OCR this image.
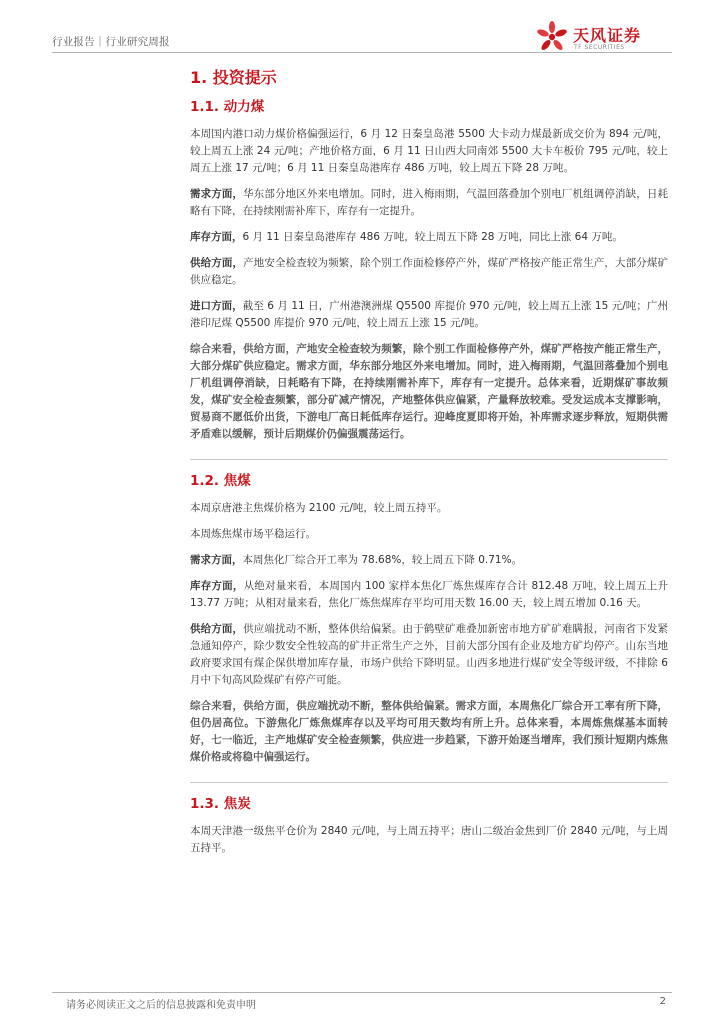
行业报告｜行业研究周报	天风证券
TF SECURITIES
1. 投资提示
1.1. 动力煤

本周国内港口动力煤价格偏强运行，6 月 12 日秦皇岛港 5500 大卡动力煤最新成交价为 894 元/吨，较上周五上涨 24 元/吨；产地价格方面，6 月 11 日山西大同南郊 5500 大卡车板价 795 元/吨，较上周五上涨 17 元/吨；6 月 11 日秦皇岛港库存 486 万吨，较上周五下降 28 万吨。

需求方面，华东部分地区外来电增加。同时，进入梅雨期，气温回落叠加个别电厂机组调停消缺，日耗略有下降，在持续刚需补库下，库存有一定提升。

库存方面，6 月 11 日秦皇岛港库存 486 万吨，较上周五下降 28 万吨，同比上涨 64 万吨。

供给方面，产地安全检查较为频繁，除个别工作面检修停产外，煤矿严格按产能正常生产，大部分煤矿供应稳定。

进口方面，截至 6 月 11 日，广州港澳洲煤 Q5500 库提价 970 元/吨，较上周五上涨 15 元/吨；广州港印尼煤 Q5500 库提价 970 元/吨，较上周五上涨 15 元/吨。

综合来看，供给方面，产地安全检查较为频繁，除个别工作面检修停产外，煤矿严格按产能正常生产，大部分煤矿供应稳定。需求方面，华东部分地区外来电增加。同时，进入梅雨期，气温回落叠加个别电厂机组调停消缺，日耗略有下降，在持续刚需补库下，库存有一定提升。总体来看，近期煤矿事故频发，煤矿安全检查频繁，部分矿减产情况，产地整体供应偏紧，产量释放较难。受发运成本支撑影响，贸易商不愿低价出货，下游电厂高日耗低库存运行。迎峰度夏即将开始，补库需求逐步释放，短期供需矛盾难以缓解，预计后期煤价仍偏强震荡运行。

1.2. 焦煤

本周京唐港主焦煤价格为 2100 元/吨，较上周五持平。

本周炼焦煤市场平稳运行。

需求方面，本周焦化厂综合开工率为 78.68%，较上周五下降 0.71%。

库存方面，从绝对量来看，本周国内 100 家样本焦化厂炼焦煤库存合计 812.48 万吨，较上周五上升 13.77 万吨；从相对量来看，焦化厂炼焦煤库存平均可用天数 16.00 天，较上周五增加 0.16 天。

供给方面，供应端扰动不断，整体供给偏紧。由于鹤壁矿难叠加新密市地方矿矿难瞒报，河南省下发紧急通知停产，除少数安全性较高的矿井正常生产之外，目前大部分国有企业及地方矿均停产。山东当地政府要求国有煤企保供增加库存量，市场户供给下降明显。山西多地进行煤矿安全等级评级，不排除 6 月中下旬高风险煤矿有停产可能。

综合来看，供给方面，供应端扰动不断，整体供给偏紧。需求方面，本周焦化厂综合开工率有所下降，但仍居高位。下游焦化厂炼焦煤库存以及平均可用天数均有所上升。总体来看，本周炼焦煤基本面转好，七一临近，主产地煤矿安全检查频繁，供应进一步趋紧，下游开始逐当增库，我们预计短期内炼焦煤价格或将稳中偏强运行。

1.3. 焦炭

本周天津港一级焦平仓价为 2840 元/吨，与上周五持平；唐山二级冶金焦到厂价 2840 元/吨，与上周五持平。

请务必阅读正文之后的信息披露和免责申明	2
